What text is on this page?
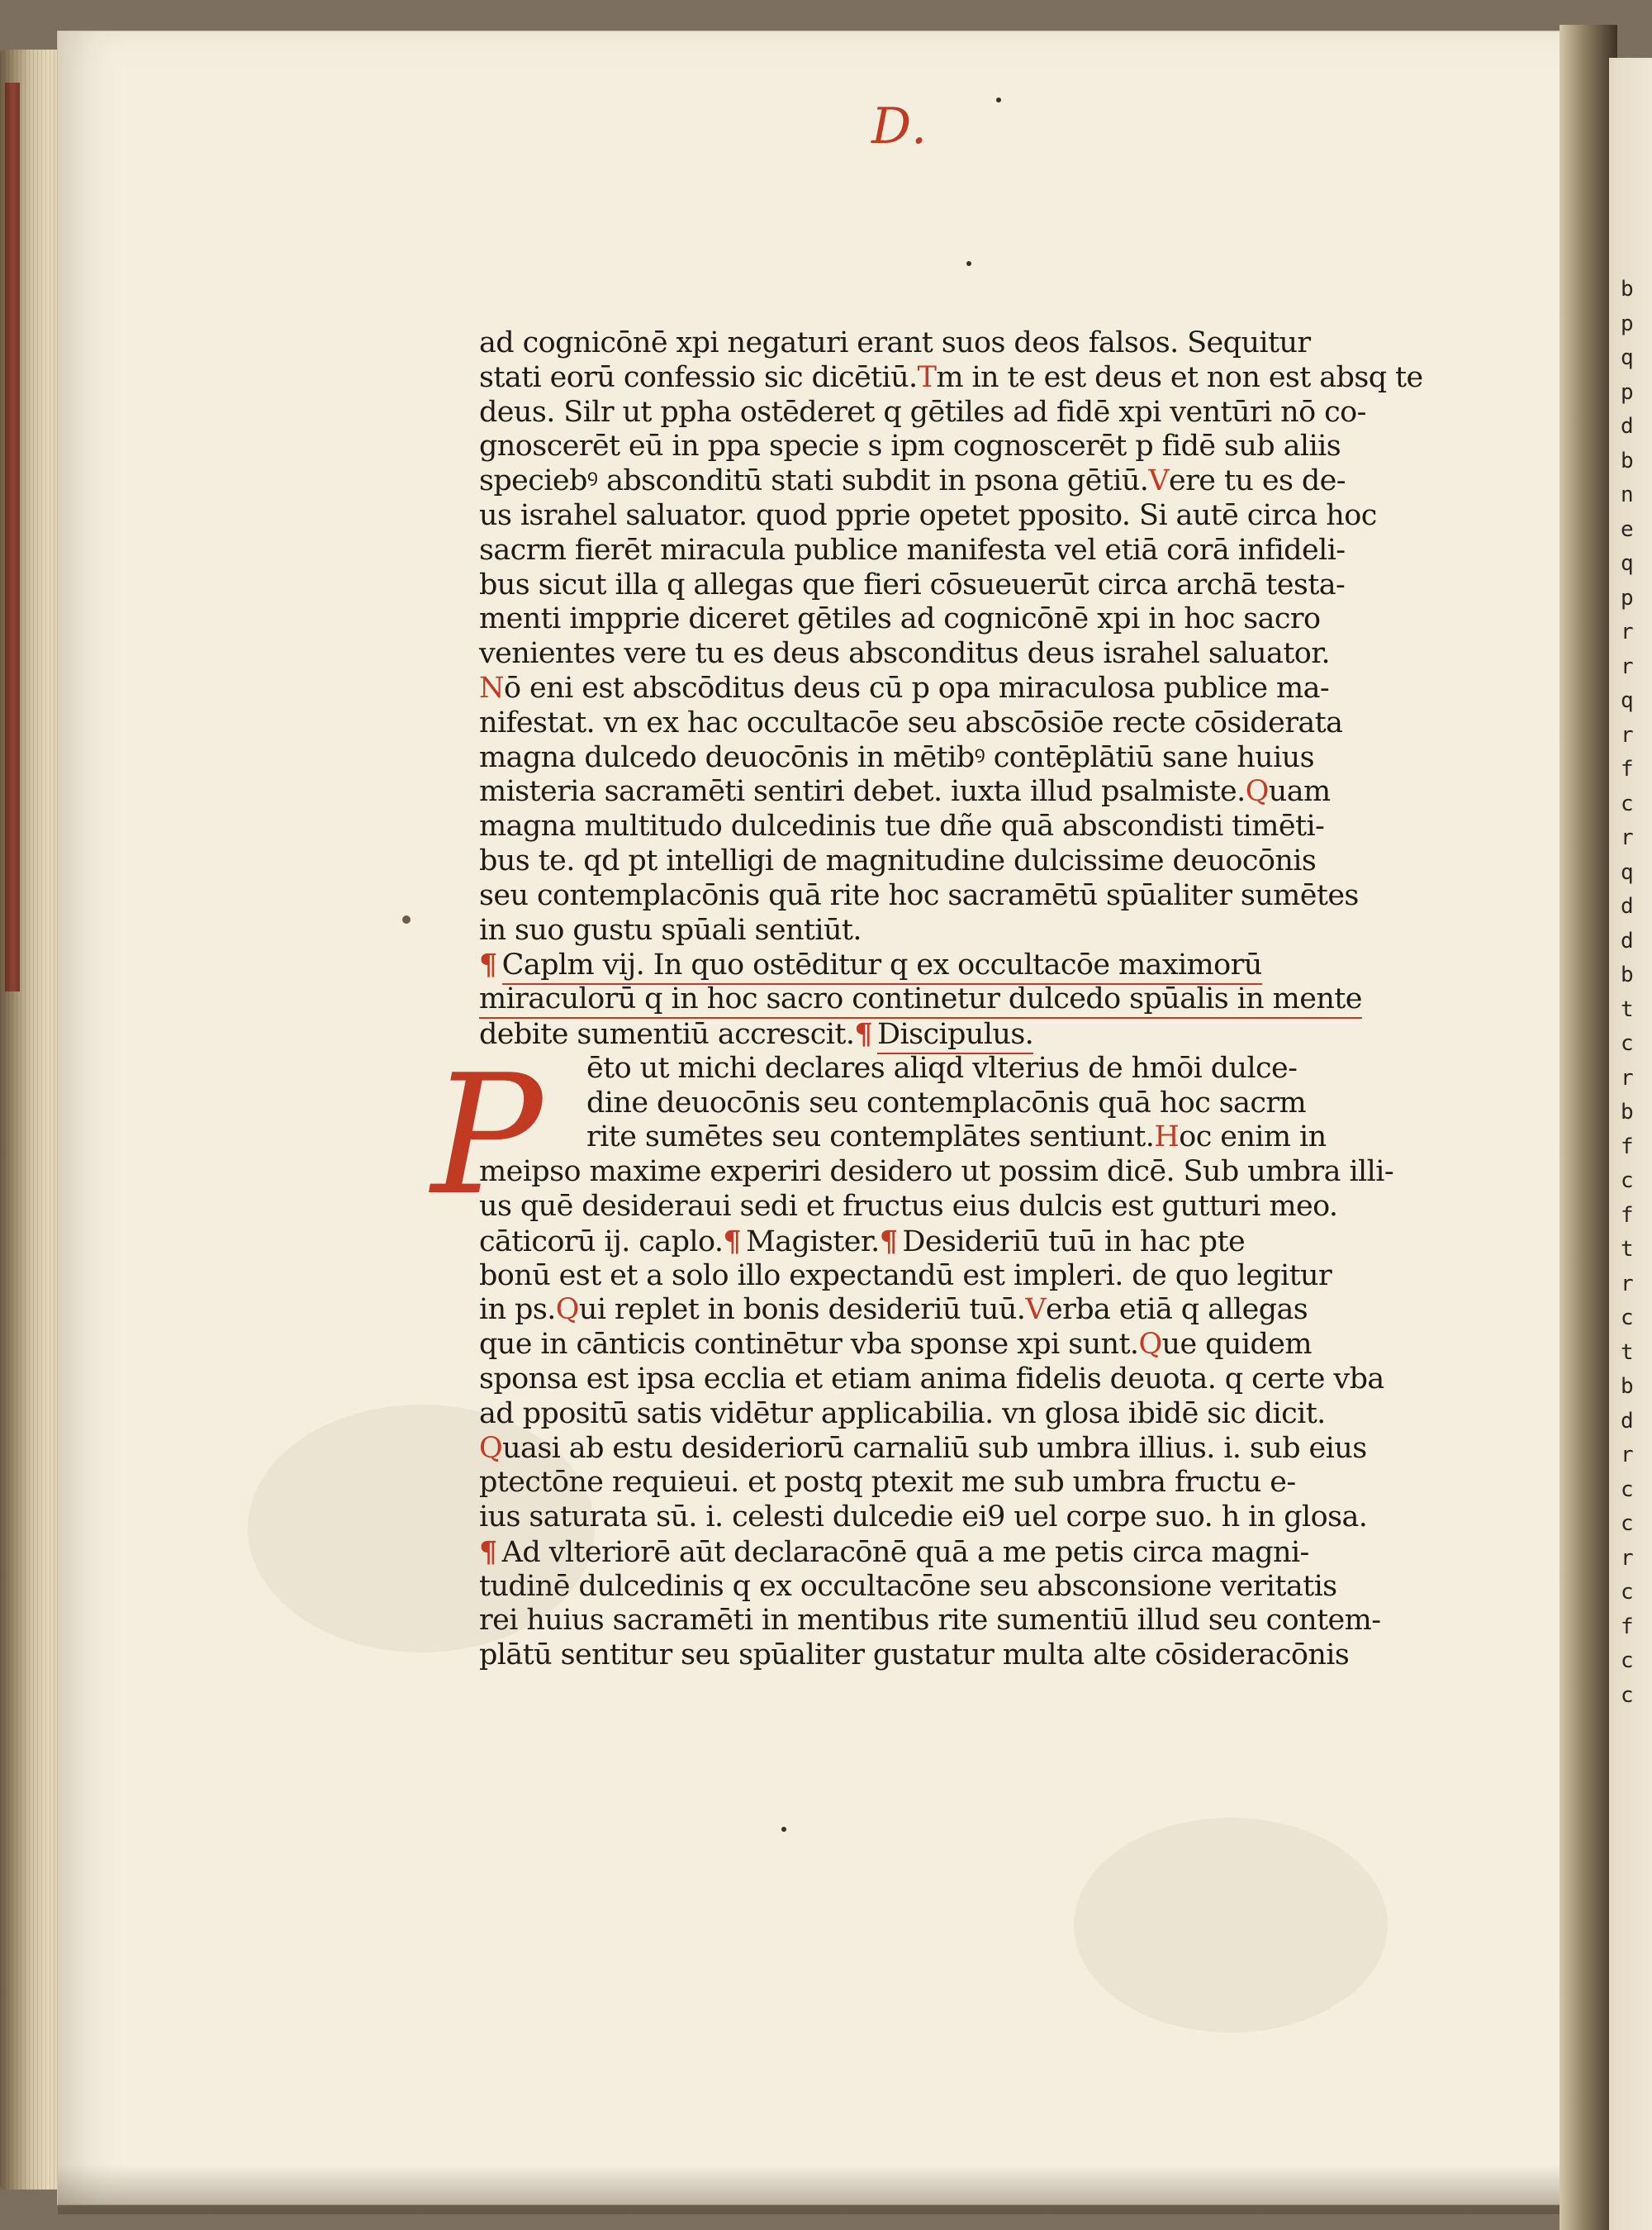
b
p
q
p
d
b
n
e
q
p
r
r
q
r
f
c
r
q
d
d
b
t
c
r
b
f
c
f
t
r
c
t
b
d
r
c
c
r
c
f
c
c
D.
P
ad cognicōnē xpi negaturi erant suos deos falsos. Sequitur
stati eorū confessio sic dicētiū. T m in te est deus et non est absq te
deus. Silr ut ppha ostēderet q gētiles ad fidē xpi ventūri nō co-
gnoscerēt eū in ppa specie s ipm cognoscerēt p fidē sub aliis
speciebꝰ absconditū stati subdit in psona gētiū. V ere tu es de-
us israhel saluator. quod pprie opetet pposito. Si autē circa hoc
sacrm fierēt miracula publice manifesta vel etiā corā infideli-
bus sicut illa q allegas que fieri cōsueuerūt circa archā testa-
menti impprie diceret gētiles ad cognicōnē xpi in hoc sacro
venientes vere tu es deus absconditus deus israhel saluator.
N ō eni est abscōditus deus cū p opa miraculosa publice ma-
nifestat. vn ex hac occultacōe seu abscōsiōe recte cōsiderata
magna dulcedo deuocōnis in mētibꝰ contēplātiū sane huius
misteria sacramēti sentiri debet. iuxta illud psalmiste. Q uam
magna multitudo dulcedinis tue dñe quā abscondisti timēti-
bus te. qd pt intelligi de magnitudine dulcissime deuocōnis
seu contemplacōnis quā rite hoc sacramētū spūaliter sumētes
in suo gustu spūali sentiūt.
¶ Caplm vij. In quo ostēditur q ex occultacōe maximorū
miraculorū q in hoc sacro continetur dulcedo spūalis in mente
debite sumentiū accrescit. ¶ Discipulus.
ēto ut michi declares aliqd vlterius de hmōi dulce-
dine deuocōnis seu contemplacōnis quā hoc sacrm
rite sumētes seu contemplātes sentiunt. H oc enim in
meipso maxime experiri desidero ut possim dicē. Sub umbra illi-
us quē desideraui sedi et fructus eius dulcis est gutturi meo.
cāticorū ij. caplo. ¶ Magister. ¶ Desideriū tuū in hac pte
bonū est et a solo illo expectandū est impleri. de quo legitur
in ps. Q ui replet in bonis desideriū tuū. V erba etiā q allegas
que in cānticis continētur vba sponse xpi sunt. Q ue quidem
sponsa est ipsa ecclia et etiam anima fidelis deuota. q certe vba
ad ppositū satis vidētur applicabilia. vn glosa ibidē sic dicit.
Q uasi ab estu desideriorū carnaliū sub umbra illius. i. sub eius
ptectōne requieui. et postq ptexit me sub umbra fructu e-
ius saturata sū. i. celesti dulcedie ei9 uel corpe suo. h in glosa.
¶ Ad vlteriorē aūt declaracōnē quā a me petis circa magni-
tudinē dulcedinis q ex occultacōne seu absconsione veritatis
rei huius sacramēti in mentibus rite sumentiū illud seu contem-
plātū sentitur seu spūaliter gustatur multa alte cōsideracōnis
